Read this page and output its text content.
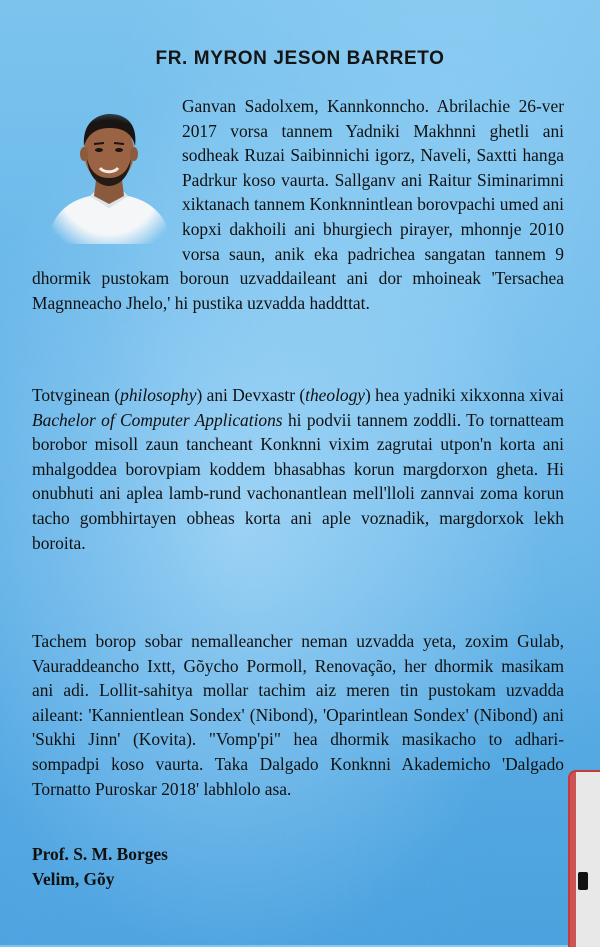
FR. MYRON JESON BARRETO
Ganvan Sadolxem, Kannkonncho. Abrilachie 26-ver 2017 vorsa tannem Yadniki Makhnni ghetli ani sodheak Ruzai Saibinnichi igorz, Naveli, Saxtti hanga Padrkur koso vaurta. Sallganv ani Raitur Siminarimni xiktanach tannem Konknnintlean borovpachi umed ani kopxi dakhoili ani bhurgiech pirayer, mhonnje 2010 vorsa saun, anik eka padrichea sangatan tannem 9 dhormik pustokam boroun uzvaddaileant ani dor mhoineak 'Tersachea Magnneacho Jhelo,' hi pustika uzvadda haddttat.
Totvginean (philosophy) ani Devxastr (theology) hea yadniki xikxonna xivai Bachelor of Computer Applications hi podvii tannem zoddli. To tornatteam borobor misoll zaun tancheant Konknni vixim zagrutai utpon'n korta ani mhalgoddea borovpiam koddem bhasabhas korun margdorxon gheta. Hi onubhuti ani aplea lamb-rund vachonantlean mell'lloli zannvai zoma korun tacho gombhirtayen obheas korta ani aple voznadik, margdorxok lekh boroita.
Tachem borop sobar nemalleancher neman uzvadda yeta, zoxim Gulab, Vauraddeancho Ixtt, Gõycho Pormoll, Renovação, her dhormik masikam ani adi. Lollit-sahitya mollar tachim aiz meren tin pustokam uzvadda aileant: 'Kannientlean Sondex' (Nibond), 'Oparintlean Sondex' (Nibond) ani 'Sukhi Jinn' (Kovita). "Vomp'pi" hea dhormik masikacho to adhari-sompadpi koso vaurta. Taka Dalgado Konknni Akademicho 'Dalgado Tornatto Puroskar 2018' labhlolo asa.
Prof. S. M. Borges
Velim, Gõy
